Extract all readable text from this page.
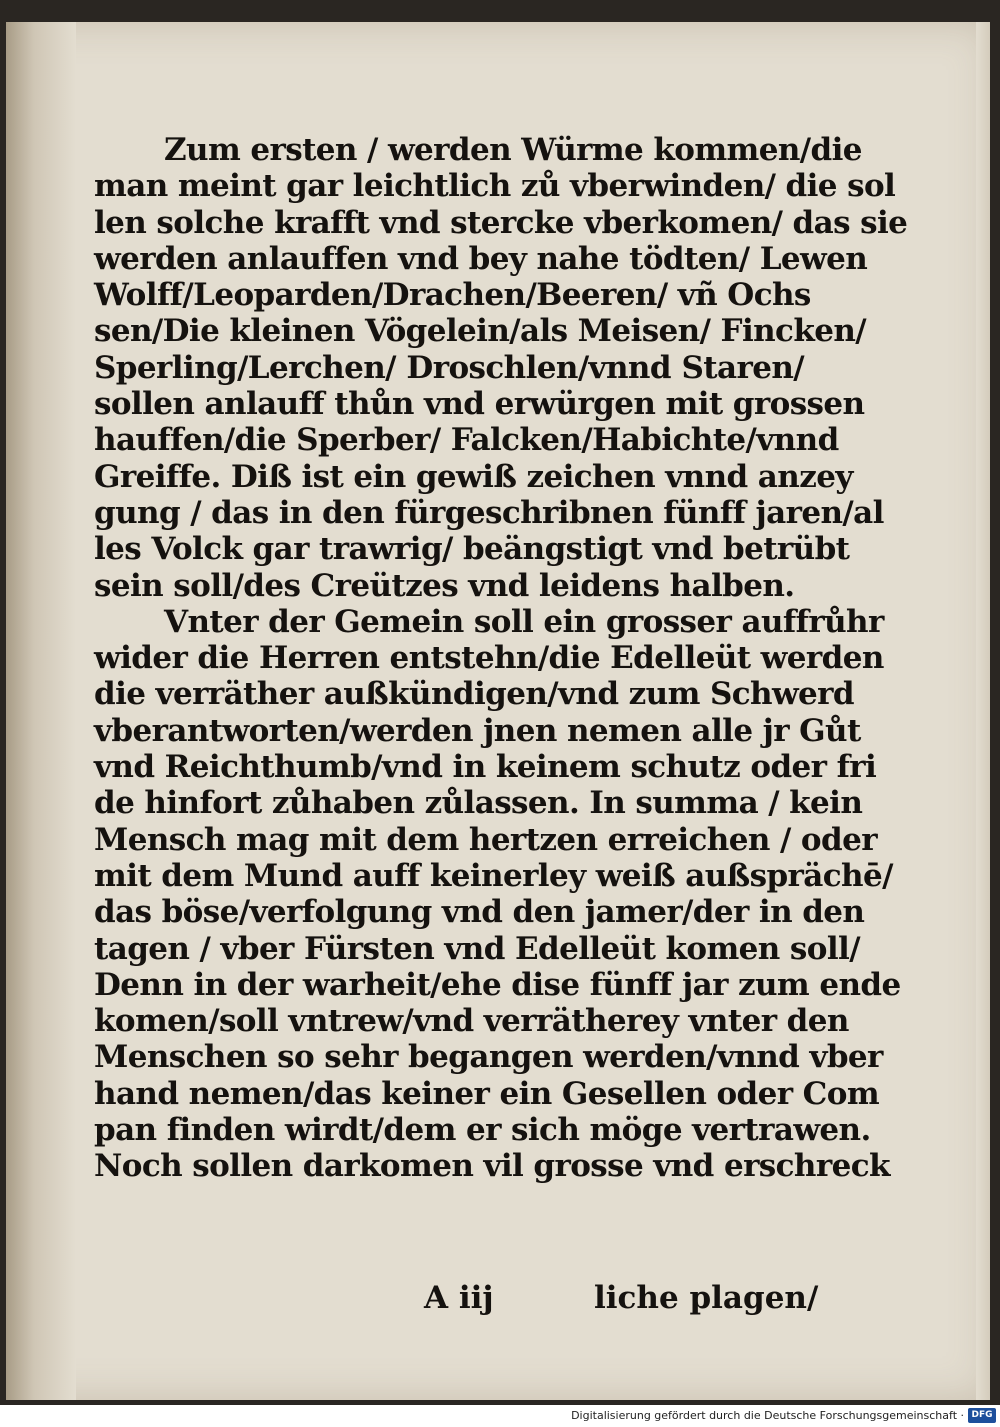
Zum ersten / werden Würme kommen/die
man meint gar leichtlich zů vberwinden/ die sol
len solche krafft vnd stercke vberkomen/ das sie
werden anlauffen vnd bey nahe tödten/ Lewen
Wolff/Leoparden/Drachen/Beeren/ vñ Ochs
sen/Die kleinen Vögelein/als Meisen/ Fincken/
Sperling/Lerchen/ Droschlen/vnnd Staren/
sollen anlauff thůn vnd erwürgen mit grossen
hauffen/die Sperber/ Falcken/Habichte/vnnd
Greiffe. Diß ist ein gewiß zeichen vnnd anzey
gung / das in den fürgeschribnen fünff jaren/al
les Volck gar trawrig/ beängstigt vnd betrübt
sein soll/des Creützes vnd leidens halben.
Vnter der Gemein soll ein grosser auffrůhr
wider die Herren entstehn/die Edelleüt werden
die verräther außkündigen/vnd zum Schwerd
vberantworten/werden jnen nemen alle jr Gůt
vnd Reichthumb/vnd in keinem schutz oder fri
de hinfort zůhaben zůlassen. In summa / kein
Mensch mag mit dem hertzen erreichen / oder
mit dem Mund auff keinerley weiß außsprächē/
das böse/verfolgung vnd den jamer/der in den
tagen / vber Fürsten vnd Edelleüt komen soll/
Denn in der warheit/ehe dise fünff jar zum ende
komen/soll vntrew/vnd verrätherey vnter den
Menschen so sehr begangen werden/vnnd vber
hand nemen/das keiner ein Gesellen oder Com
pan finden wirdt/dem er sich möge vertrawen.
Noch sollen darkomen vil grosse vnd erschreck
A iij	liche plagen/
Digitalisierung gefördert durch die Deutsche Forschungsgemeinschaft · DFG
